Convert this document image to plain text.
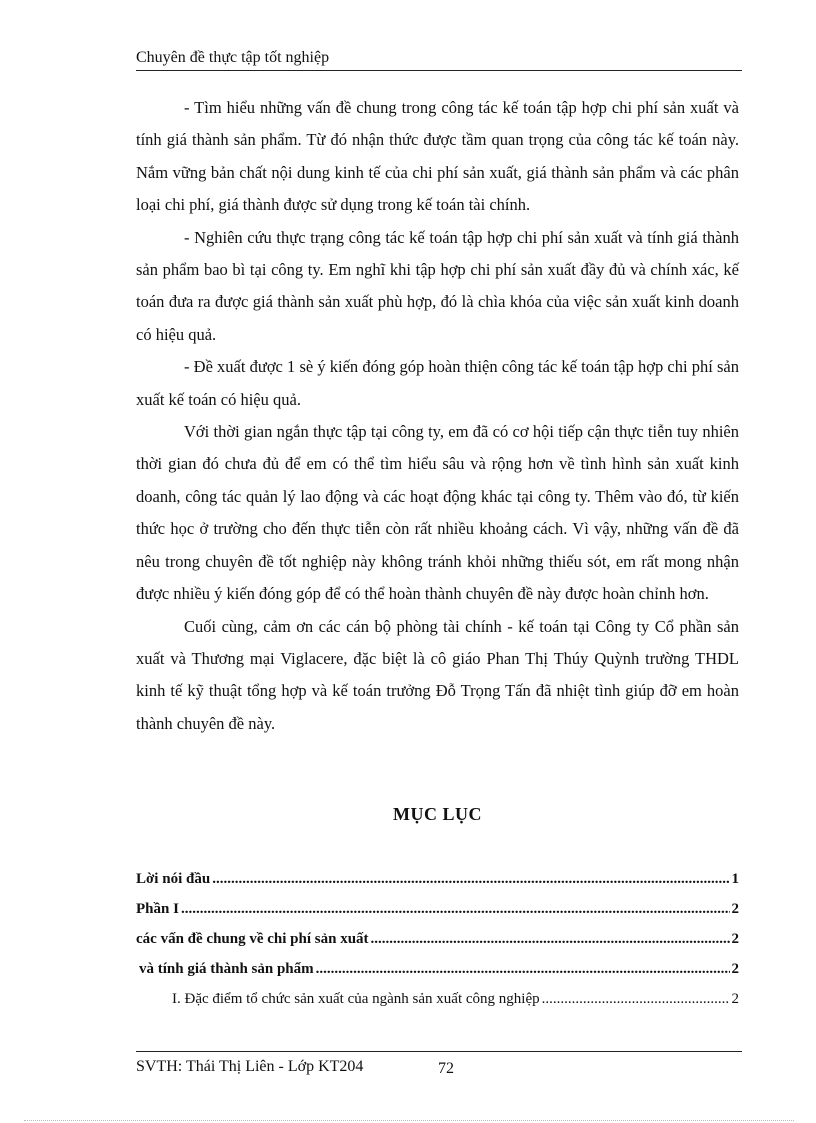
Chuyên đề thực tập tốt nghiệp

- Tìm hiểu những vấn đề chung trong công tác kế toán tập hợp chi phí sản xuất và tính giá thành sản phẩm. Từ đó nhận thức được tầm quan trọng của công tác kế toán này. Nắm vững bản chất nội dung kinh tế của chi phí sản xuất, giá thành sản phẩm và các phân loại chi phí, giá thành được sử dụng trong kế toán tài chính.

- Nghiên cứu thực trạng công tác kế toán tập hợp chi phí sản xuất và tính giá thành sản phẩm bao bì tại công ty. Em nghĩ khi tập hợp chi phí sản xuất đầy đủ và chính xác, kế toán đưa ra được giá thành sản xuất phù hợp, đó là chìa khóa của việc sản xuất kinh doanh có hiệu quả.

- Đề xuất được 1 sè ý kiến đóng góp hoàn thiện công tác kế toán tập hợp chi phí sản xuất kế toán có hiệu quả.

Với thời gian ngắn thực tập tại công ty, em đã có cơ hội tiếp cận thực tiễn tuy nhiên thời gian đó chưa đủ để em có thể tìm hiểu sâu và rộng hơn về tình hình sản xuất kinh doanh, công tác quản lý lao động và các hoạt động khác tại công ty. Thêm vào đó, từ kiến thức học ở trường cho đến thực tiễn còn rất nhiều khoảng cách. Vì vậy, những vấn đề đã nêu trong chuyên đề tốt nghiệp này không tránh khỏi những thiếu sót, em rất mong nhận được nhiều ý kiến đóng góp để có thể hoàn thành chuyên đề này được hoàn chỉnh hơn.

Cuối cùng, cảm ơn các cán bộ phòng tài chính - kế toán tại Công ty Cổ phần sản xuất và Thương mại Viglacere, đặc biệt là cô giáo Phan Thị Thúy Quỳnh trường THDL kinh tế kỹ thuật tổng hợp và kế toán trưởng Đỗ Trọng Tấn đã nhiệt tình giúp đỡ em hoàn thành chuyên đề này.

MỤC LỤC
Lời nói đầu .....	1
Phần I .....	2
các vấn đề chung về chi phí sản xuất .....	2
và tính giá thành sản phẩm .....	2
I. Đặc điểm tổ chức sản xuất của ngành sản xuất công nghiệp .....	2
SVTH: Thái Thị Liên - Lớp KT204	72
